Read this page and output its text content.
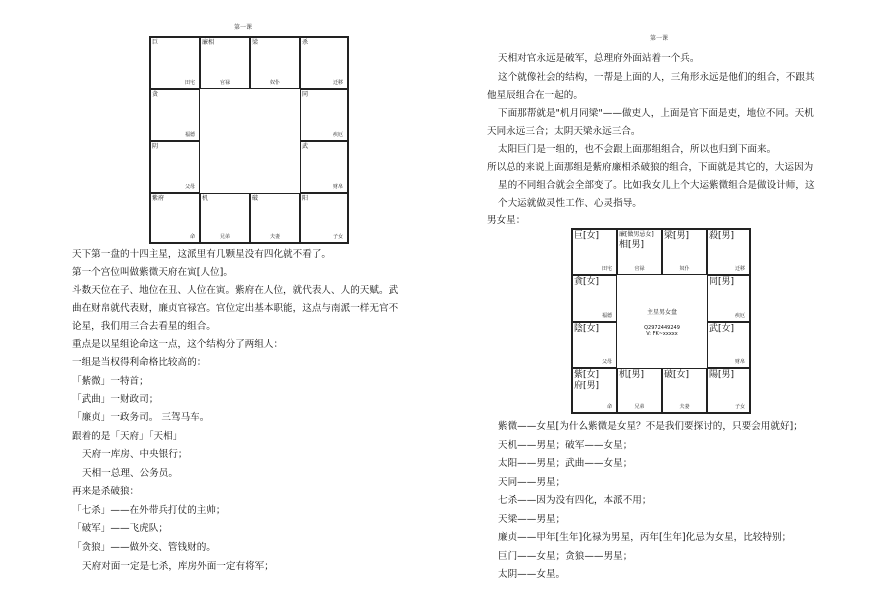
第一课
巨
田宅
廉相
官禄
梁
奴仆
杀
迁移
贪
福德
同
疾厄
阴
父母
武
财帛
紫府
命
机
兄弟
破
夫妻
阳
子女
天下第一盘的十四主星，这派里有几颗星没有四化就不看了。
第一个宫位叫做紫微天府在寅[人位]。
斗数天位在子、地位在丑、人位在寅。紫府在人位，就代表人、人的天赋。武
曲在财帛就代表财，廉贞官禄宫。官位定出基本职能，这点与南派一样无官不
论星，我们用三合去看星的组合。
重点是以星组论命这一点，这个结构分了两组人：
一组是当权得利命格比较高的：
「紫微」一特首；
「武曲」一财政司；
「廉贞」一政务司。 三驾马车。
跟着的是「天府」「天相」
天府一库房、中央银行；
天相一总理、公务员。
再来是杀破狼：
「七杀」——在外带兵打仗的主帅；
「破军」——飞虎队；
「贪狼」——做外交、管钱财的。
天府对面一定是七杀，库房外面一定有将军；
第一课
天相对官永远是破军，总理府外面站着一个兵。
这个就像社会的结构，一帮是上面的人，三角形永远是他们的组合，不跟其
他星辰组合在一起的。
下面那帮就是"机月同梁"——做吏人，上面是官下面是吏，地位不同。天机
天同永远三合；太阴天梁永远三合。
太阳巨门是一组的，也不会跟上面那组组合，所以也归到下面来。
所以总的来说上面那组是紫府廉相杀破狼的组合，下面就是其它的，大运因为
星的不同组合就会全部变了。比如我女儿上个大运紫微组合是做设计师，这
个大运就做灵性工作、心灵指导。
男女星：
巨[女]
田宅
廉[做男忌女]
相[男]
官禄
梁[男]
奴仆
殺[男]
迁移
貪[女]
福德
同[男]
疾厄
陰[女]
父母
武[女]
财帛
紫[女]
府[男]
命
机[男]
兄弟
破[女]
夫妻
陽[男]
子女
主星男女盘
Q2972449249
V: FK~xxxxx
紫微——女星[为什么紫微是女星？不是我们要探讨的，只要会用就好]；
天机——男星；破军——女星；
太阳——男星；武曲——女星；
天同——男星；
七杀——因为没有四化，本派不用；
天梁——男星；
廉贞——甲年[生年]化禄为男星，丙年[生年]化忌为女星，比较特别；
巨门——女星；贪狼——男星；
太阴——女星。
